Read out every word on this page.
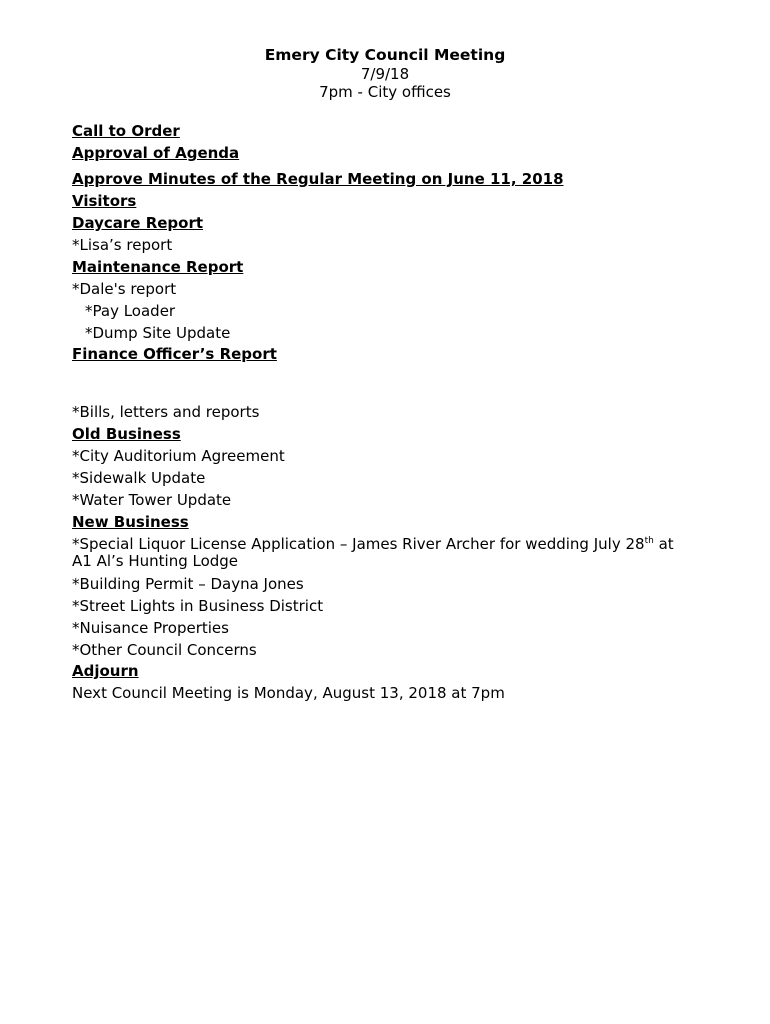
Emery City Council Meeting
7/9/18
7pm - City offices
Call to Order
Approval of Agenda
Approve Minutes of the Regular Meeting on June 11, 2018
Visitors
Daycare Report
*Lisa’s report
Maintenance Report
*Dale's report
*Pay Loader
*Dump Site Update
Finance Officer’s Report
*Bills, letters and reports
Old Business
*City Auditorium Agreement
*Sidewalk Update
*Water Tower Update
New Business
*Special Liquor License Application – James River Archer for wedding July 28th at
A1 Al’s Hunting Lodge
*Building Permit – Dayna Jones
*Street Lights in Business District
*Nuisance Properties
*Other Council Concerns
Adjourn
Next Council Meeting is Monday, August 13, 2018 at 7pm
